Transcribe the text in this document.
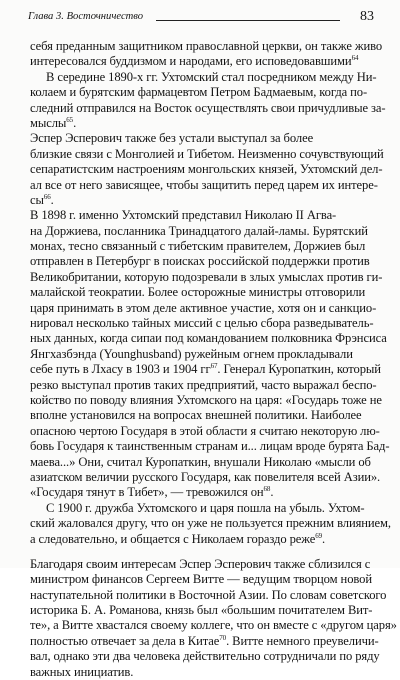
Глава 3. Восточничество	83
себя преданным защитником православной церкви, он также живо
интересовался буддизмом и народами, его исповедовавшими$^{64}$
В середине 1890-х гг. Ухтомский стал посредником между Ни-
колаем и бурятским фармацевтом Петром Бадмаевым, когда по-
следний отправился на Восток осуществлять свои причудливые за-
мыслы$^{65}$.
Эспер Эсперович также без устали выступал за более
близкие связи с Монголией и Тибетом. Неизменно сочувствующий
сепаратистским настроениям монгольских князей, Ухтомский дел-
ал все от него зависящее, чтобы защитить перед царем их интере-
$сы^{66}$.
В 1898 г. именно Ухтомский представил Николаю II Агва-
на Доржиева, посланника Тринадцатого далай-ламы. Бурятский
монах, тесно связанный с тибетским правителем, Доржиев был
отправлен в Петербург в поисках российской поддержки против
Великобритании, которую подозревали в злых умыслах против ги-
малайской теократии. Более осторожные министры отговорили
царя принимать в этом деле активное участие, хотя он и санкцио-
нировал несколько тайных миссий с целью сбора разведыватель-
ных данных, когда сипаи под командованием полковника Фрэнсиса
Янгхазбэнда (Younghusband) ружейным огнем прокладывали
себе путь в Лхасу в 1903 и 1904 $гг^{67}$. Генерал Куропаткин, который
резко выступал против таких предприятий, часто выражал беспо-
койство по поводу влияния Ухтомского на царя: «Государь тоже не
вполне установился на вопросах внешней политики. Наиболее
опасною чертою Государя в этой области я считаю некоторую лю-
бовь Государя к таинственным странам и... лицам вроде бурята Бад-
маева...» Они, считал Куропаткин, внушали Николаю «мысли об
азиатском величии русского Государя, как повелителя всей Азии».
«Государя тянут в Тибет», — тревожился $он^{68}$.
С 1900 г. дружба Ухтомского и царя пошла на убыль. Ухтом-
ский жаловался другу, что он уже не пользуется прежним влиянием,
а следовательно, и общается с Николаем гораздо реже$^{69}$.
Благодаря своим интересам Эспер Эсперович также сблизился с
министром финансов Сергеем Витте — ведущим творцом новой
наступательной политики в Восточной Азии. По словам советского
историка Б. А. Романова, князь был «большим почитателем Вит-
те», а Витте хвастался своему коллеге, что он вместе с «другом царя»
полностью отвечает за дела в Китае$^{70}$. Витте немного преувеличи-
вал, однако эти два человека действительно сотрудничали по ряду
важных инициатив.
